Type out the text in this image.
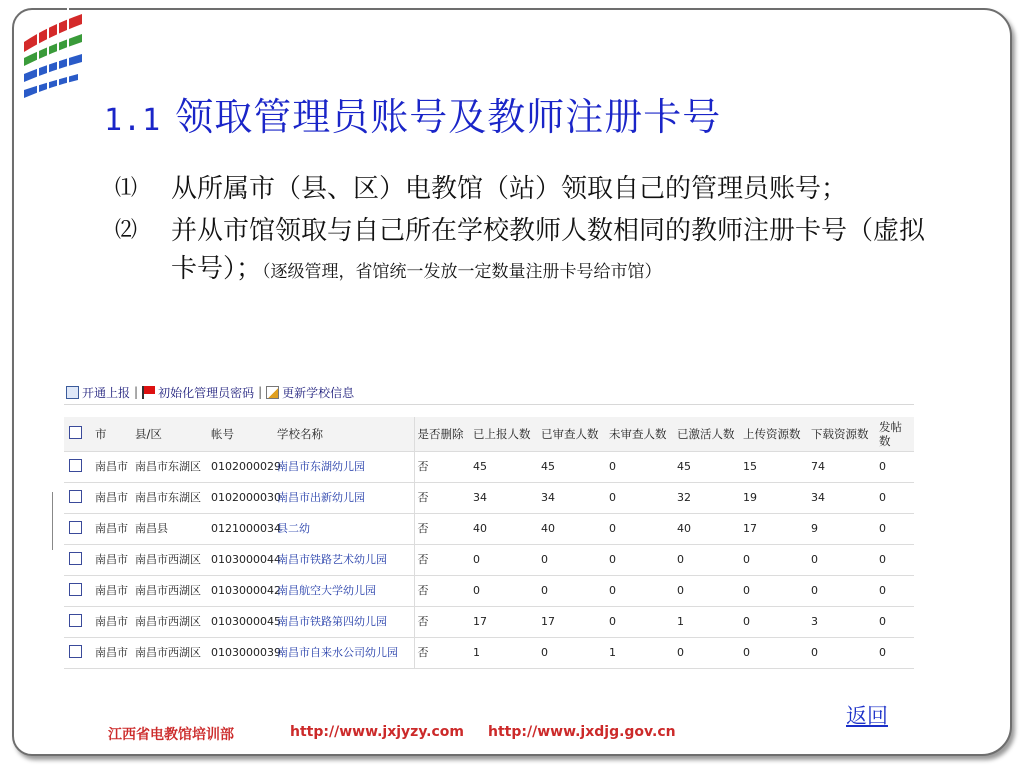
1.1 领取管理员账号及教师注册卡号
⑴ 从所属市（县、区）电教馆（站）领取自己的管理员账号；
⑵ 并从市馆领取与自己所在学校教师人数相同的教师注册卡号（虚拟卡号）；（逐级管理，省馆统一发放一定数量注册卡号给市馆）
开通上报 | 初始化管理员密码 | 更新学校信息
	市	县/区	帐号	学校名称	是否删除	已上报人数	已审查人数	未审查人数	已激活人数	上传资源数	下载资源数	发帖数
	南昌市	南昌市东湖区	0102000029	南昌市东湖幼儿园	否	45	45	0	45	15	74	0
	南昌市	南昌市东湖区	0102000030	南昌市出新幼儿园	否	34	34	0	32	19	34	0
	南昌市	南昌县	0121000034	县二幼	否	40	40	0	40	17	9	0
	南昌市	南昌市西湖区	0103000044	南昌市铁路艺术幼儿园	否	0	0	0	0	0	0	0
	南昌市	南昌市西湖区	0103000042	南昌航空大学幼儿园	否	0	0	0	0	0	0	0
	南昌市	南昌市西湖区	0103000045	南昌市铁路第四幼儿园	否	17	17	0	1	0	3	0
	南昌市	南昌市西湖区	0103000039	南昌市自来水公司幼儿园	否	1	0	1	0	0	0	0
返回
江西省电教馆培训部	http://www.jxjyzy.com http://www.jxdjg.gov.cn
